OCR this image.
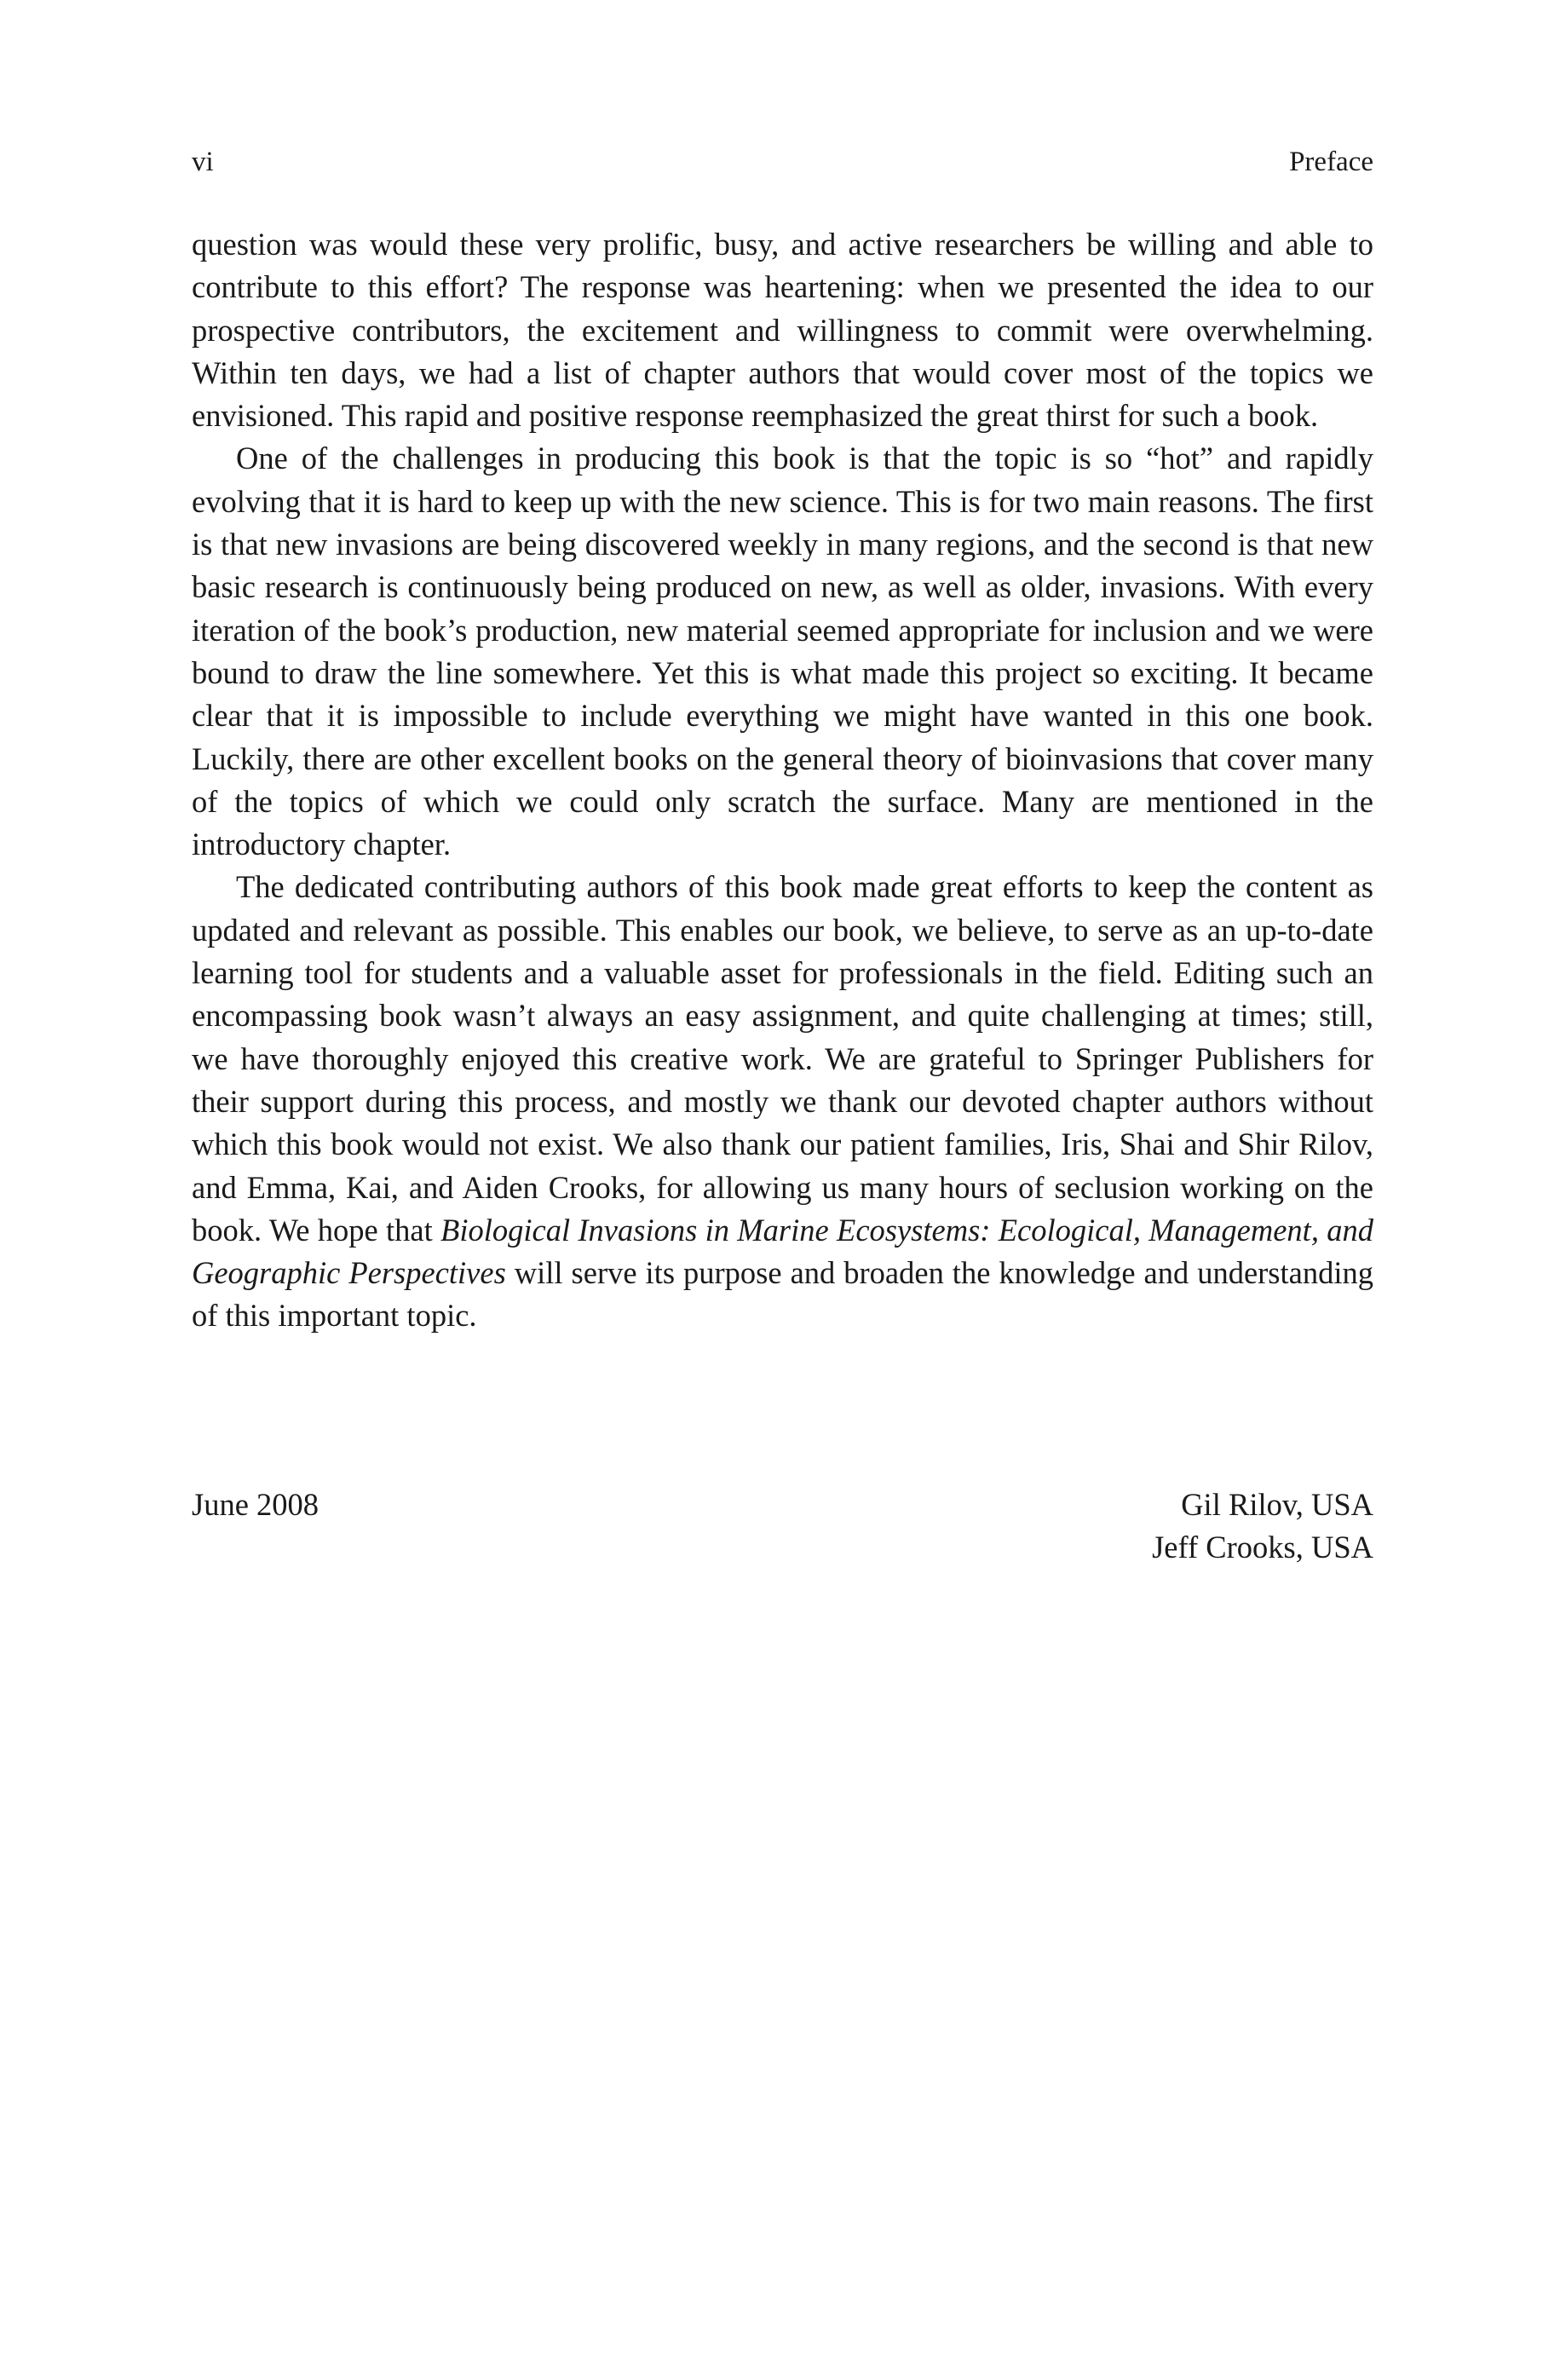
vi	Preface

question was would these very prolific, busy, and active researchers be willing and able to contribute to this effort? The response was heartening: when we presented the idea to our prospective contributors, the excitement and willingness to commit were overwhelming. Within ten days, we had a list of chapter authors that would cover most of the topics we envisioned. This rapid and positive response reemphasized the great thirst for such a book.

One of the challenges in producing this book is that the topic is so “hot” and rapidly evolving that it is hard to keep up with the new science. This is for two main reasons. The first is that new invasions are being discovered weekly in many regions, and the second is that new basic research is continuously being produced on new, as well as older, invasions. With every iteration of the book’s production, new material seemed appropriate for inclusion and we were bound to draw the line somewhere. Yet this is what made this project so exciting. It became clear that it is impossible to include everything we might have wanted in this one book. Luckily, there are other excellent books on the general theory of bioinvasions that cover many of the topics of which we could only scratch the surface. Many are mentioned in the introductory chapter.

The dedicated contributing authors of this book made great efforts to keep the content as updated and relevant as possible. This enables our book, we believe, to serve as an up-to-date learning tool for students and a valuable asset for professionals in the field. Editing such an encompassing book wasn’t always an easy assignment, and quite challenging at times; still, we have thoroughly enjoyed this creative work. We are grateful to Springer Publishers for their support during this process, and mostly we thank our devoted chapter authors without which this book would not exist. We also thank our patient families, Iris, Shai and Shir Rilov, and Emma, Kai, and Aiden Crooks, for allowing us many hours of seclusion working on the book. We hope that Biological Invasions in Marine Ecosystems: Ecological, Management, and Geographic Perspectives will serve its purpose and broaden the knowledge and understanding of this important topic.

June 2008	Gil Rilov, USA
Jeff Crooks, USA
